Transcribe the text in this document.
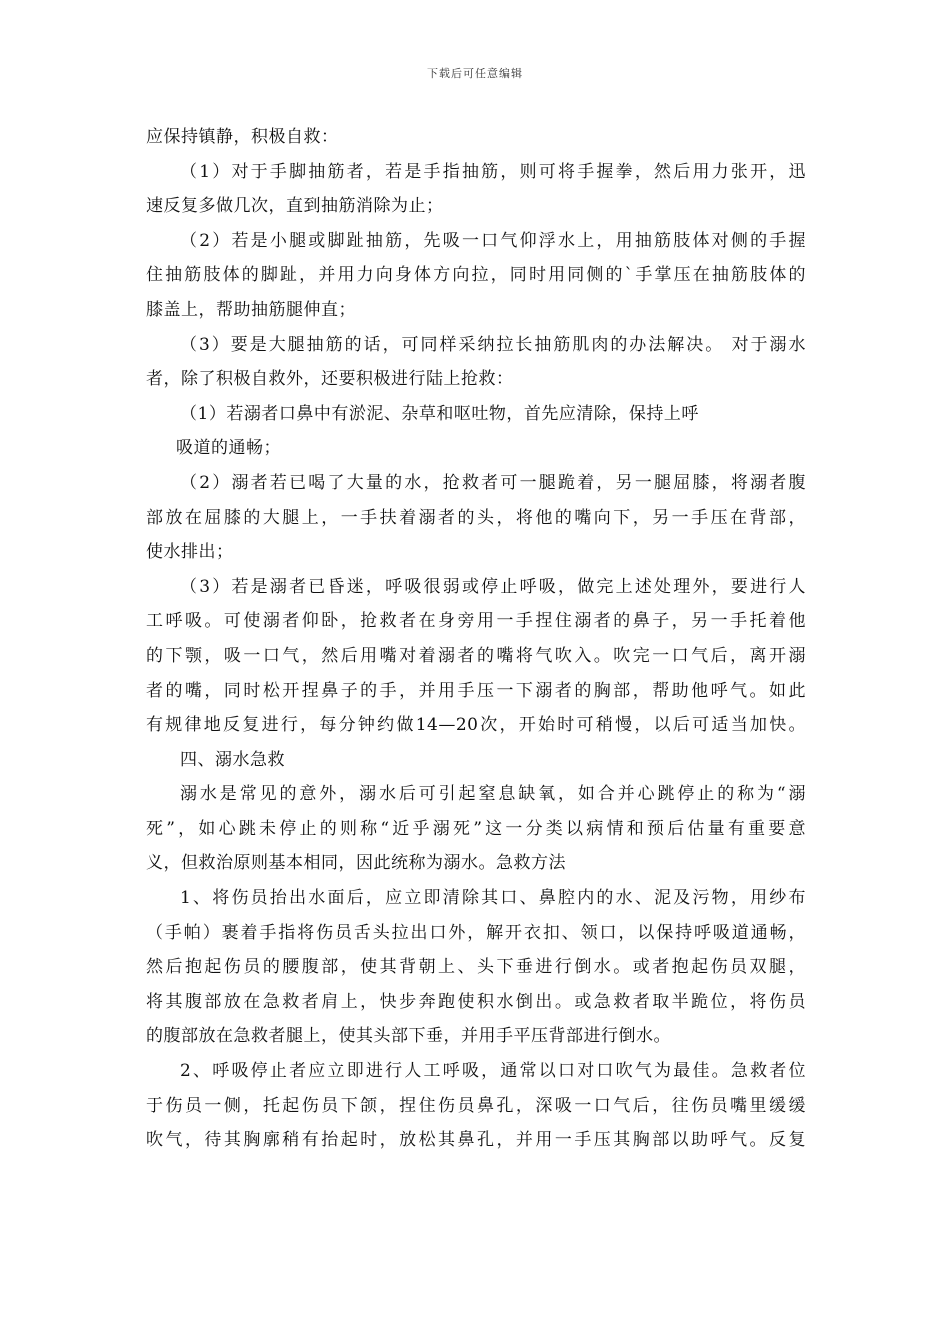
下载后可任意编辑
应保持镇静，积极自救：
（1）对于手脚抽筋者，若是手指抽筋，则可将手握拳，然后用力张开，迅
速反复多做几次，直到抽筋消除为止；
（2）若是小腿或脚趾抽筋，先吸一口气仰浮水上，用抽筋肢体对侧的手握
住抽筋肢体的脚趾，并用力向身体方向拉，同时用同侧的`手掌压在抽筋肢体的
膝盖上，帮助抽筋腿伸直；
（3）要是大腿抽筋的话，可同样采纳拉长抽筋肌肉的办法解决。 对于溺水
者，除了积极自救外，还要积极进行陆上抢救：
（1）若溺者口鼻中有淤泥、杂草和呕吐物，首先应清除，保持上呼
吸道的通畅；
（2）溺者若已喝了大量的水，抢救者可一腿跪着，另一腿屈膝，将溺者腹
部放在屈膝的大腿上，一手扶着溺者的头，将他的嘴向下，另一手压在背部，
使水排出；
（3）若是溺者已昏迷，呼吸很弱或停止呼吸，做完上述处理外，要进行人
工呼吸。可使溺者仰卧，抢救者在身旁用一手捏住溺者的鼻子，另一手托着他
的下颚，吸一口气，然后用嘴对着溺者的嘴将气吹入。吹完一口气后，离开溺
者的嘴，同时松开捏鼻子的手，并用手压一下溺者的胸部，帮助他呼气。如此
有规律地反复进行，每分钟约做14—20次，开始时可稍慢，以后可适当加快。
四、溺水急救
溺水是常见的意外，溺水后可引起窒息缺氧，如合并心跳停止的称为“溺
死”，如心跳未停止的则称“近乎溺死”这一分类以病情和预后估量有重要意
义，但救治原则基本相同，因此统称为溺水。急救方法
1、将伤员抬出水面后，应立即清除其口、鼻腔内的水、泥及污物，用纱布
（手帕）裹着手指将伤员舌头拉出口外，解开衣扣、领口，以保持呼吸道通畅，
然后抱起伤员的腰腹部，使其背朝上、头下垂进行倒水。或者抱起伤员双腿，
将其腹部放在急救者肩上，快步奔跑使积水倒出。或急救者取半跪位，将伤员
的腹部放在急救者腿上，使其头部下垂，并用手平压背部进行倒水。
2、呼吸停止者应立即进行人工呼吸，通常以口对口吹气为最佳。急救者位
于伤员一侧，托起伤员下颌，捏住伤员鼻孔，深吸一口气后，往伤员嘴里缓缓
吹气，待其胸廓稍有抬起时，放松其鼻孔，并用一手压其胸部以助呼气。反复
